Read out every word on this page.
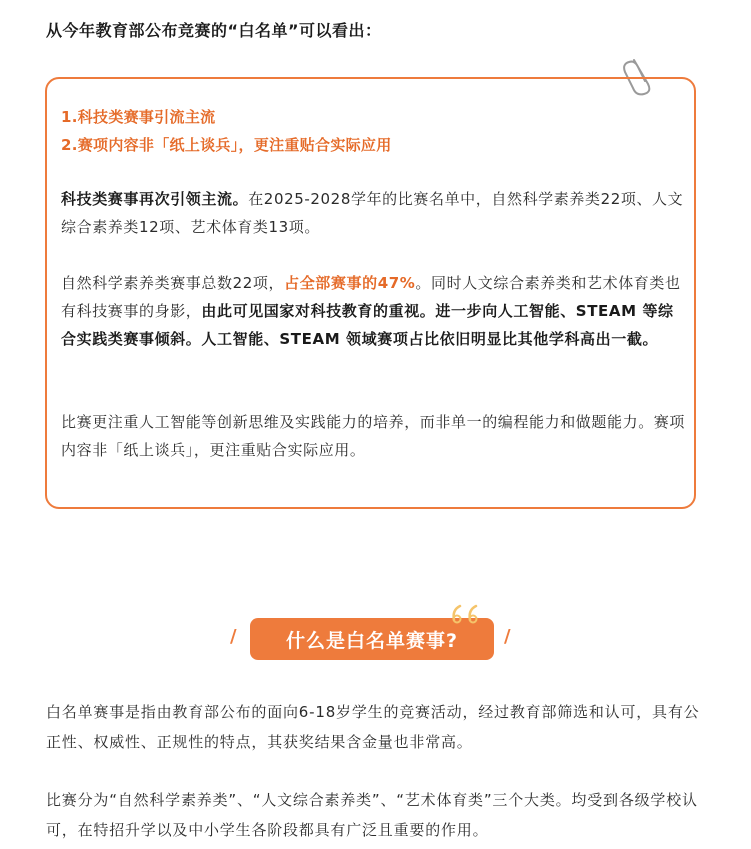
从今年教育部公布竞赛的“白名单”可以看出：
1.科技类赛事引流主流
2.赛项内容非「纸上谈兵」，更注重贴合实际应用
科技类赛事再次引领主流。在2025-2028学年的比赛名单中，自然科学素养类22项、人文综合素养类12项、艺术体育类13项。
自然科学素养类赛事总数22项，占全部赛事的47%。同时人文综合素养类和艺术体育类也有科技赛事的身影，由此可见国家对科技教育的重视。进一步向人工智能、STEAM 等综合实践类赛事倾斜。人工智能、STEAM 领域赛项占比依旧明显比其他学科高出一截。
比赛更注重人工智能等创新思维及实践能力的培养，而非单一的编程能力和做题能力。赛项内容非「纸上谈兵」，更注重贴合实际应用。
/	什么是白名单赛事?	/
白名单赛事是指由教育部公布的面向6-18岁学生的竞赛活动，经过教育部筛选和认可，具有公正性、权威性、正规性的特点，其获奖结果含金量也非常高。
比赛分为“自然科学素养类”、“人文综合素养类”、“艺术体育类”三个大类。均受到各级学校认可，在特招升学以及中小学生各阶段都具有广泛且重要的作用。
